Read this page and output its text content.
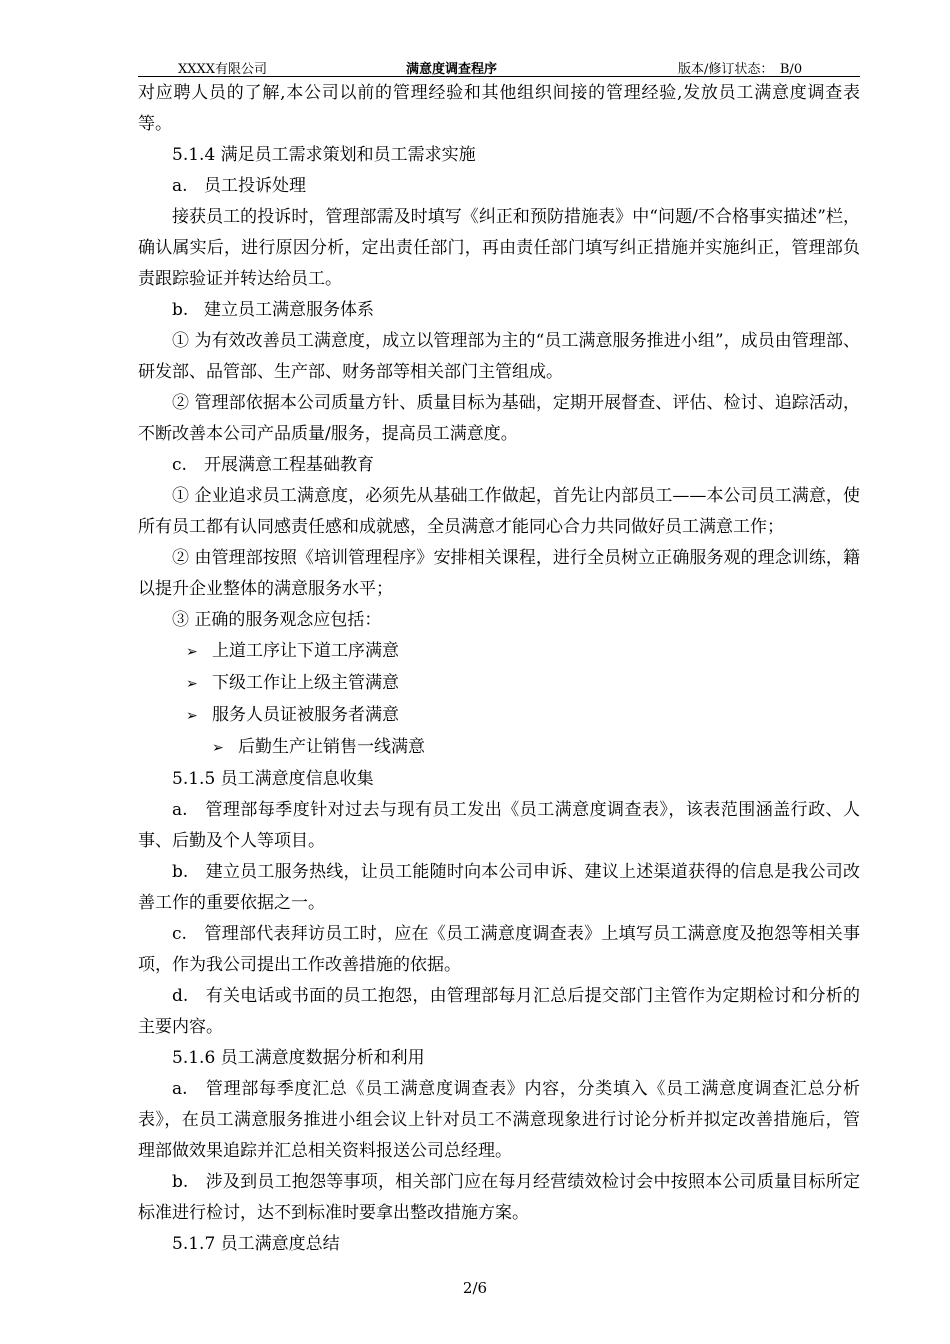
XXXX有限公司	满意度调查程序	版本/修订状态：　B/0

对应聘人员的了解,本公司以前的管理经验和其他组织间接的管理经验,发放员工满意度调查表等。

5.1.4 满足员工需求策划和员工需求实施

a. 员工投诉处理

接获员工的投诉时，管理部需及时填写《纠正和预防措施表》中“问题/不合格事实描述”栏，确认属实后，进行原因分析，定出责任部门，再由责任部门填写纠正措施并实施纠正，管理部负责跟踪验证并转达给员工。

b. 建立员工满意服务体系

① 为有效改善员工满意度，成立以管理部为主的“员工满意服务推进小组”，成员由管理部、研发部、品管部、生产部、财务部等相关部门主管组成。

② 管理部依据本公司质量方针、质量目标为基础，定期开展督查、评估、检讨、追踪活动，不断改善本公司产品质量/服务，提高员工满意度。

c. 开展满意工程基础教育

① 企业追求员工满意度，必须先从基础工作做起，首先让内部员工——本公司员工满意，使所有员工都有认同感责任感和成就感，全员满意才能同心合力共同做好员工满意工作；

② 由管理部按照《培训管理程序》安排相关课程，进行全员树立正确服务观的理念训练，籍以提升企业整体的满意服务水平；

③ 正确的服务观念应包括：

➢ 上道工序让下道工序满意

➢ 下级工作让上级主管满意

➢ 服务人员证被服务者满意

➢ 后勤生产让销售一线满意

5.1.5 员工满意度信息收集

a.　管理部每季度针对过去与现有员工发出《员工满意度调查表》，该表范围涵盖行政、人事、后勤及个人等项目。

b.　建立员工服务热线，让员工能随时向本公司申诉、建议上述渠道获得的信息是我公司改善工作的重要依据之一。

c.　管理部代表拜访员工时，应在《员工满意度调查表》上填写员工满意度及抱怨等相关事项，作为我公司提出工作改善措施的依据。

d.　有关电话或书面的员工抱怨，由管理部每月汇总后提交部门主管作为定期检讨和分析的主要内容。

5.1.6 员工满意度数据分析和利用

a.　管理部每季度汇总《员工满意度调查表》内容，分类填入《员工满意度调查汇总分析表》，在员工满意服务推进小组会议上针对员工不满意现象进行讨论分析并拟定改善措施后，管理部做效果追踪并汇总相关资料报送公司总经理。

b.　涉及到员工抱怨等事项，相关部门应在每月经营绩效检讨会中按照本公司质量目标所定标准进行检讨，达不到标准时要拿出整改措施方案。

5.1.7 员工满意度总结

2/6
